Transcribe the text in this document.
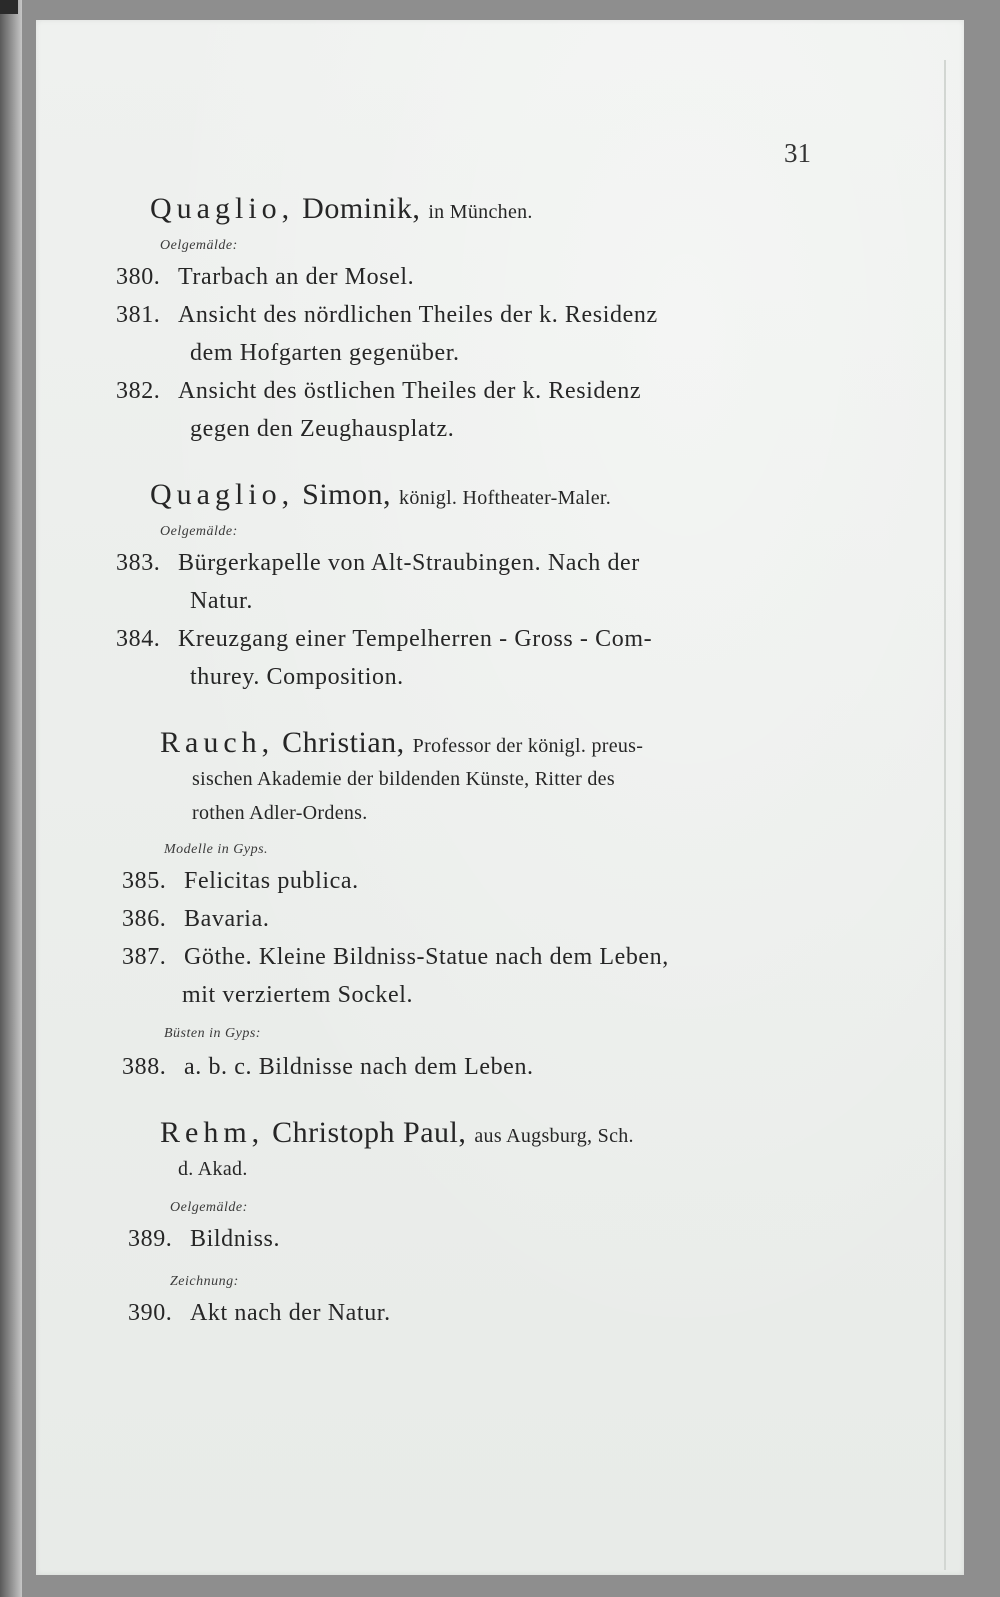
31
Quaglio, Dominik, in München.
Oelgemälde:
380. Trarbach an der Mosel.
381. Ansicht des nördlichen Theiles der k. Residenz
dem Hofgarten gegenüber.
382. Ansicht des östlichen Theiles der k. Residenz
gegen den Zeughausplatz.
Quaglio, Simon, königl. Hoftheater-Maler.
Oelgemälde:
383. Bürgerkapelle von Alt-Straubingen. Nach der
Natur.
384. Kreuzgang einer Tempelherren - Gross - Com-
thurey. Composition.
Rauch, Christian, Professor der königl. preus-
sischen Akademie der bildenden Künste, Ritter des
rothen Adler-Ordens.
Modelle in Gyps.
385. Felicitas publica.
386. Bavaria.
387. Göthe. Kleine Bildniss-Statue nach dem Leben,
mit verziertem Sockel.
Büsten in Gyps:
388. a. b. c. Bildnisse nach dem Leben.
Rehm, Christoph Paul, aus Augsburg, Sch.
d. Akad.
Oelgemälde:
389. Bildniss.
Zeichnung:
390. Akt nach der Natur.
